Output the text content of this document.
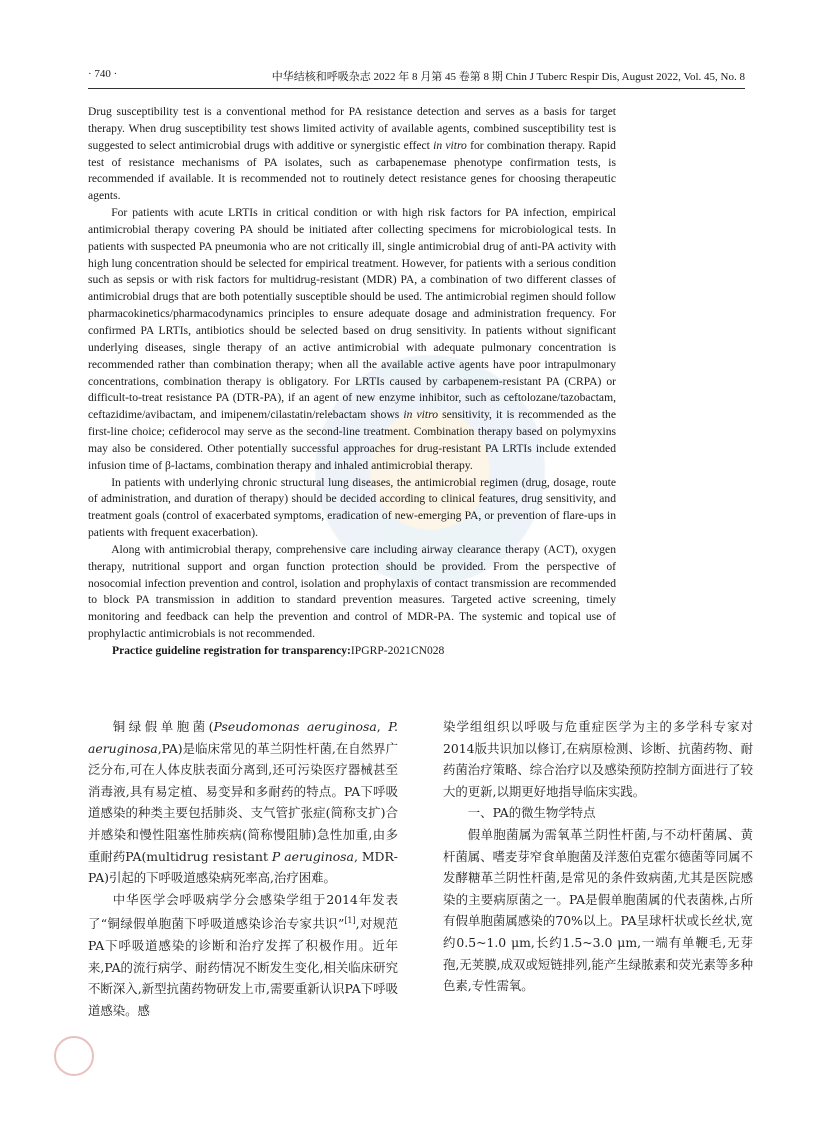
· 740 ·	中华结核和呼吸杂志 2022 年 8 月第 45 卷第 8 期 Chin J Tuberc Respir Dis, August 2022, Vol. 45, No. 8

Drug susceptibility test is a conventional method for PA resistance detection and serves as a basis for target therapy. When drug susceptibility test shows limited activity of available agents, combined susceptibility test is suggested to select antimicrobial drugs with additive or synergistic effect in vitro for combination therapy. Rapid test of resistance mechanisms of PA isolates, such as carbapenemase phenotype confirmation tests, is recommended if available. It is recommended not to routinely detect resistance genes for choosing therapeutic agents.

For patients with acute LRTIs in critical condition or with high risk factors for PA infection, empirical antimicrobial therapy covering PA should be initiated after collecting specimens for microbiological tests. In patients with suspected PA pneumonia who are not critically ill, single antimicrobial drug of anti-PA activity with high lung concentration should be selected for empirical treatment. However, for patients with a serious condition such as sepsis or with risk factors for multidrug-resistant (MDR) PA, a combination of two different classes of antimicrobial drugs that are both potentially susceptible should be used. The antimicrobial regimen should follow pharmacokinetics/pharmacodynamics principles to ensure adequate dosage and administration frequency. For confirmed PA LRTIs, antibiotics should be selected based on drug sensitivity. In patients without significant underlying diseases, single therapy of an active antimicrobial with adequate pulmonary concentration is recommended rather than combination therapy; when all the available active agents have poor intrapulmonary concentrations, combination therapy is obligatory. For LRTIs caused by carbapenem-resistant PA (CRPA) or difficult-to-treat resistance PA (DTR-PA), if an agent of new enzyme inhibitor, such as ceftolozane/tazobactam, ceftazidime/avibactam, and imipenem/cilastatin/relebactam shows in vitro sensitivity, it is recommended as the first-line choice; cefiderocol may serve as the second-line treatment. Combination therapy based on polymyxins may also be considered. Other potentially successful approaches for drug-resistant PA LRTIs include extended infusion time of β-lactams, combination therapy and inhaled antimicrobial therapy.

In patients with underlying chronic structural lung diseases, the antimicrobial regimen (drug, dosage, route of administration, and duration of therapy) should be decided according to clinical features, drug sensitivity, and treatment goals (control of exacerbated symptoms, eradication of new-emerging PA, or prevention of flare-ups in patients with frequent exacerbation).

Along with antimicrobial therapy, comprehensive care including airway clearance therapy (ACT), oxygen therapy, nutritional support and organ function protection should be provided. From the perspective of nosocomial infection prevention and control, isolation and prophylaxis of contact transmission are recommended to block PA transmission in addition to standard prevention measures. Targeted active screening, timely monitoring and feedback can help the prevention and control of MDR-PA. The systemic and topical use of prophylactic antimicrobials is not recommended.

Practice guideline registration for transparency:IPGRP-2021CN028

铜绿假单胞菌(Pseudomonas aeruginosa, P. aeruginosa,PA)是临床常见的革兰阴性杆菌,在自然界广泛分布,可在人体皮肤表面分离到,还可污染医疗器械甚至消毒液,具有易定植、易变异和多耐药的特点。PA下呼吸道感染的种类主要包括肺炎、支气管扩张症(简称支扩)合并感染和慢性阻塞性肺疾病(简称慢阻肺)急性加重,由多重耐药PA(multidrug resistant P aeruginosa, MDR-PA)引起的下呼吸道感染病死率高,治疗困难。

中华医学会呼吸病学分会感染学组于2014年发表了“铜绿假单胞菌下呼吸道感染诊治专家共识”[1],对规范PA下呼吸道感染的诊断和治疗发挥了积极作用。近年来,PA的流行病学、耐药情况不断发生变化,相关临床研究不断深入,新型抗菌药物研发上市,需要重新认识PA下呼吸道感染。感

染学组组织以呼吸与危重症医学为主的多学科专家对2014版共识加以修订,在病原检测、诊断、抗菌药物、耐药菌治疗策略、综合治疗以及感染预防控制方面进行了较大的更新,以期更好地指导临床实践。

一、PA的微生物学特点

假单胞菌属为需氧革兰阴性杆菌,与不动杆菌属、黄杆菌属、嗜麦芽窄食单胞菌及洋葱伯克霍尔德菌等同属不发酵糖革兰阴性杆菌,是常见的条件致病菌,尤其是医院感染的主要病原菌之一。PA是假单胞菌属的代表菌株,占所有假单胞菌属感染的70%以上。PA呈球杆状或长丝状,宽约0.5~1.0 μm,长约1.5~3.0 μm,一端有单鞭毛,无芽孢,无荚膜,成双或短链排列,能产生绿脓素和荧光素等多种色素,专性需氧。
